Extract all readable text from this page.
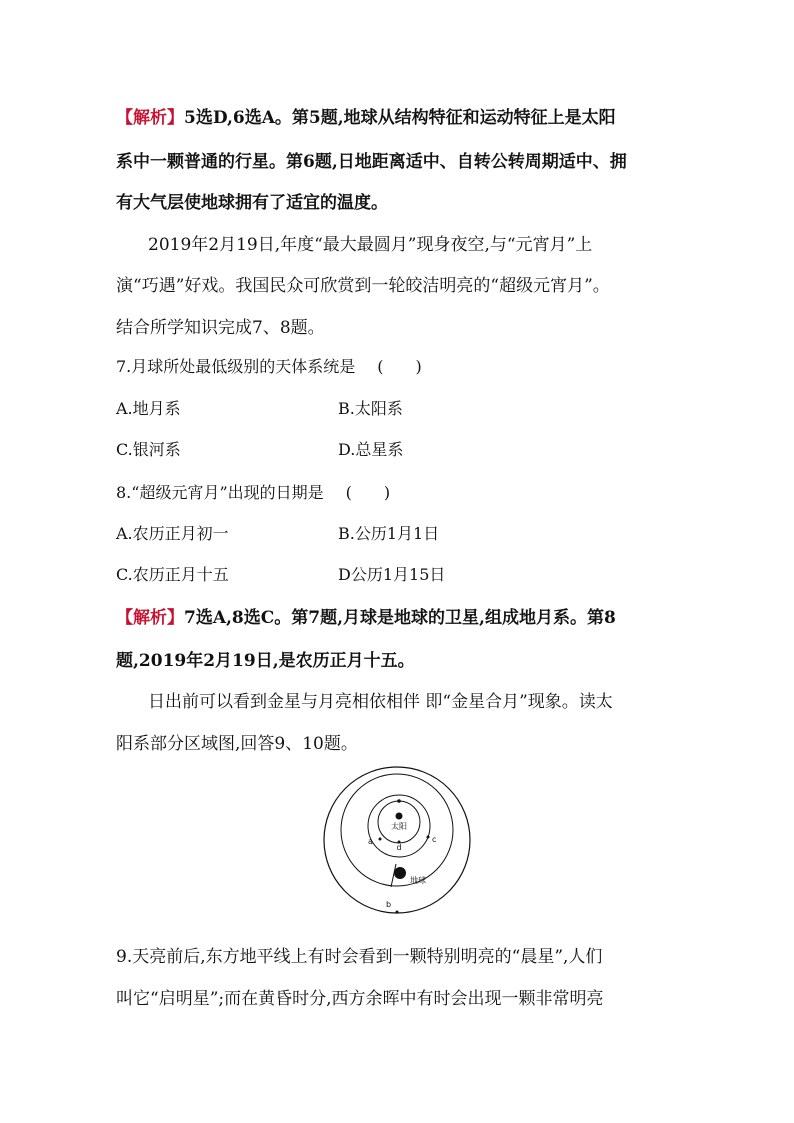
【解析】5选D,6选A。第5题,地球从结构特征和运动特征上是太阳
系中一颗普通的行星。第6题,日地距离适中、自转公转周期适中、拥
有大气层使地球拥有了适宜的温度。
2019年2月19日,年度“最大最圆月”现身夜空,与“元宵月”上
演“巧遇”好戏。我国民众可欣赏到一轮皎洁明亮的“超级元宵月”。
结合所学知识完成7、8题。
7.月球所处最低级别的天体系统是 (　　)
A.地月系	B.太阳系
C.银河系	D.总星系
8.“超级元宵月”出现的日期是 (　　)
A.农历正月初一	B.公历1月1日
C.农历正月十五	D公历1月15日
【解析】7选A,8选C。第7题,月球是地球的卫星,组成地月系。第8
题,2019年2月19日,是农历正月十五。
日出前可以看到金星与月亮相依相伴 即“金星合月”现象。读太
阳系部分区域图,回答9、10题。
太阳
d
a	c
地球
b
9.天亮前后,东方地平线上有时会看到一颗特别明亮的“晨星”,人们
叫它“启明星”;而在黄昏时分,西方余晖中有时会出现一颗非常明亮
